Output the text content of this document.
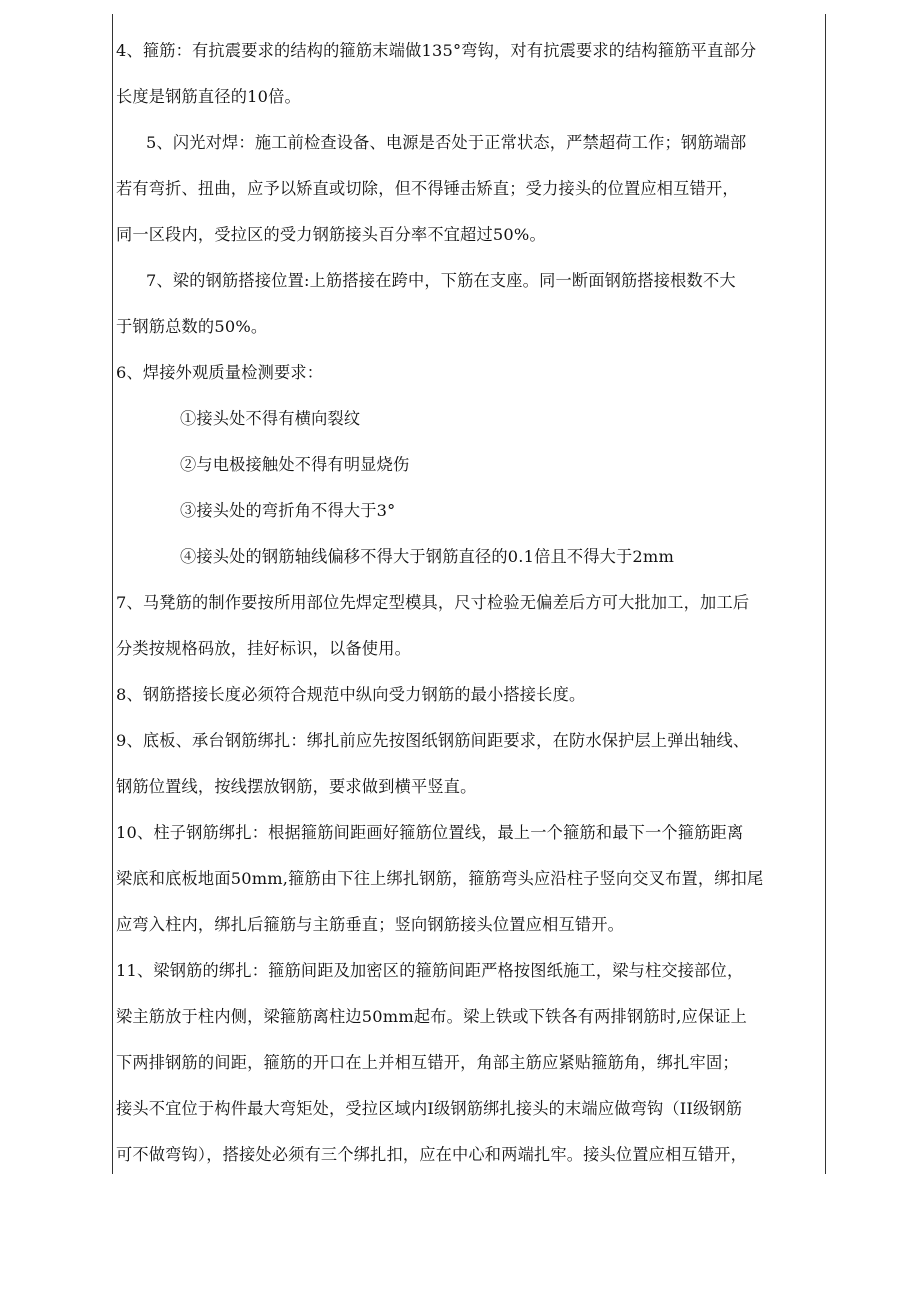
4、箍筋：有抗震要求的结构的箍筋末端做135°弯钩，对有抗震要求的结构箍筋平直部分

长度是钢筋直径的10倍。

5、闪光对焊：施工前检查设备、电源是否处于正常状态，严禁超荷工作；钢筋端部

若有弯折、扭曲，应予以矫直或切除，但不得锤击矫直；受力接头的位置应相互错开，

同一区段内，受拉区的受力钢筋接头百分率不宜超过50%。

7、梁的钢筋搭接位置:上筋搭接在跨中，下筋在支座。同一断面钢筋搭接根数不大

于钢筋总数的50%。

6、焊接外观质量检测要求：

①接头处不得有横向裂纹

②与电极接触处不得有明显烧伤

③接头处的弯折角不得大于3°

④接头处的钢筋轴线偏移不得大于钢筋直径的0.1倍且不得大于2mm

7、马凳筋的制作要按所用部位先焊定型模具，尺寸检验无偏差后方可大批加工，加工后

分类按规格码放，挂好标识，以备使用。

8、钢筋搭接长度必须符合规范中纵向受力钢筋的最小搭接长度。

9、底板、承台钢筋绑扎：绑扎前应先按图纸钢筋间距要求，在防水保护层上弹出轴线、

钢筋位置线，按线摆放钢筋，要求做到横平竖直。

10、柱子钢筋绑扎：根据箍筋间距画好箍筋位置线，最上一个箍筋和最下一个箍筋距离

梁底和底板地面50mm,箍筋由下往上绑扎钢筋，箍筋弯头应沿柱子竖向交叉布置，绑扣尾

应弯入柱内，绑扎后箍筋与主筋垂直；竖向钢筋接头位置应相互错开。

11、梁钢筋的绑扎：箍筋间距及加密区的箍筋间距严格按图纸施工，梁与柱交接部位，

梁主筋放于柱内侧，梁箍筋离柱边50mm起布。梁上铁或下铁各有两排钢筋时,应保证上

下两排钢筋的间距，箍筋的开口在上并相互错开，角部主筋应紧贴箍筋角，绑扎牢固；

接头不宜位于构件最大弯矩处，受拉区域内I级钢筋绑扎接头的末端应做弯钩（II级钢筋

可不做弯钩），搭接处必须有三个绑扎扣，应在中心和两端扎牢。接头位置应相互错开，
